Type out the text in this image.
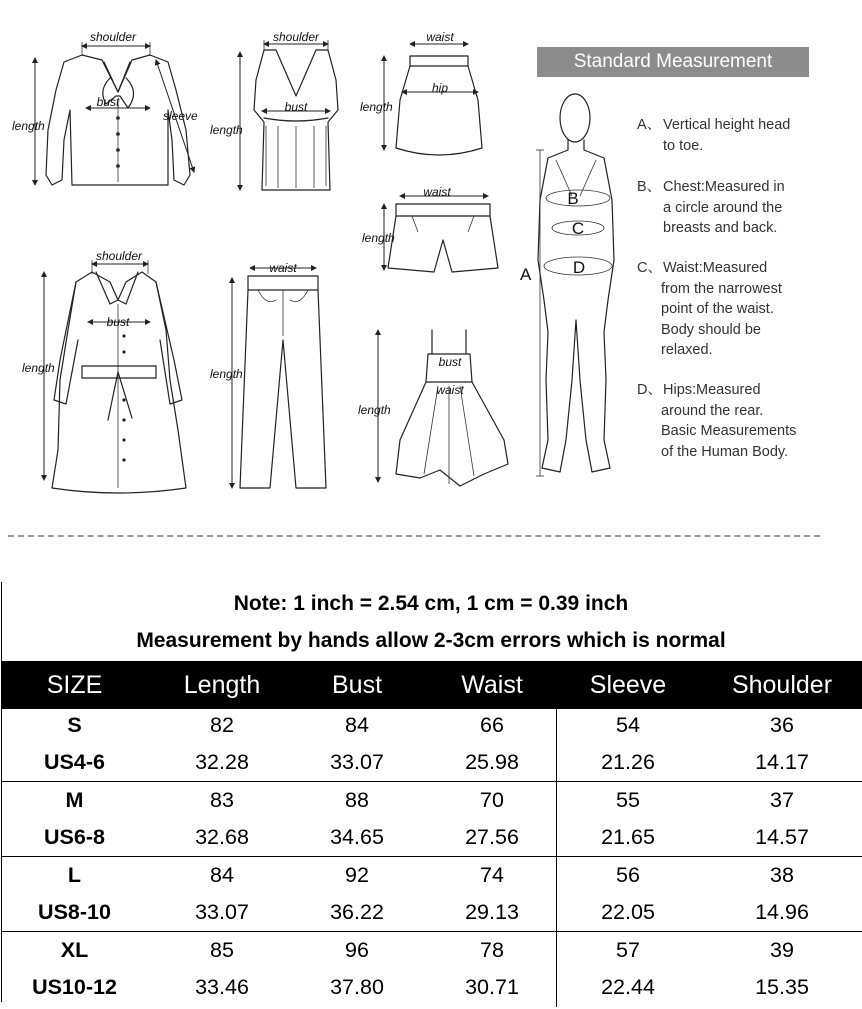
shoulder
bust
length
sleeve
shoulder
bust
length
waist
hip
length
waist
length
shoulder
bust
length
waist
length
bust
waist
length
B
C
D
A
Standard Measurement
A、 Vertical height head
to toe.
B、 Chest:Measured in
a circle around the
breasts and back.
C、Waist:Measured
from the narrowest
point of the waist.
Body should be
relaxed.
D、Hips:Measured
around the rear.
Basic Measurements
of the Human Body.
Note: 1 inch = 2.54 cm, 1 cm = 0.39 inch
Measurement by hands allow 2-3cm errors which is normal
SIZE	Length	Bust	Waist	Sleeve	Shoulder
S	82	84	66	54	36
US4-6	32.28	33.07	25.98	21.26	14.17
M	83	88	70	55	37
US6-8	32.68	34.65	27.56	21.65	14.57
L	84	92	74	56	38
US8-10	33.07	36.22	29.13	22.05	14.96
XL	85	96	78	57	39
US10-12	33.46	37.80	30.71	22.44	15.35
